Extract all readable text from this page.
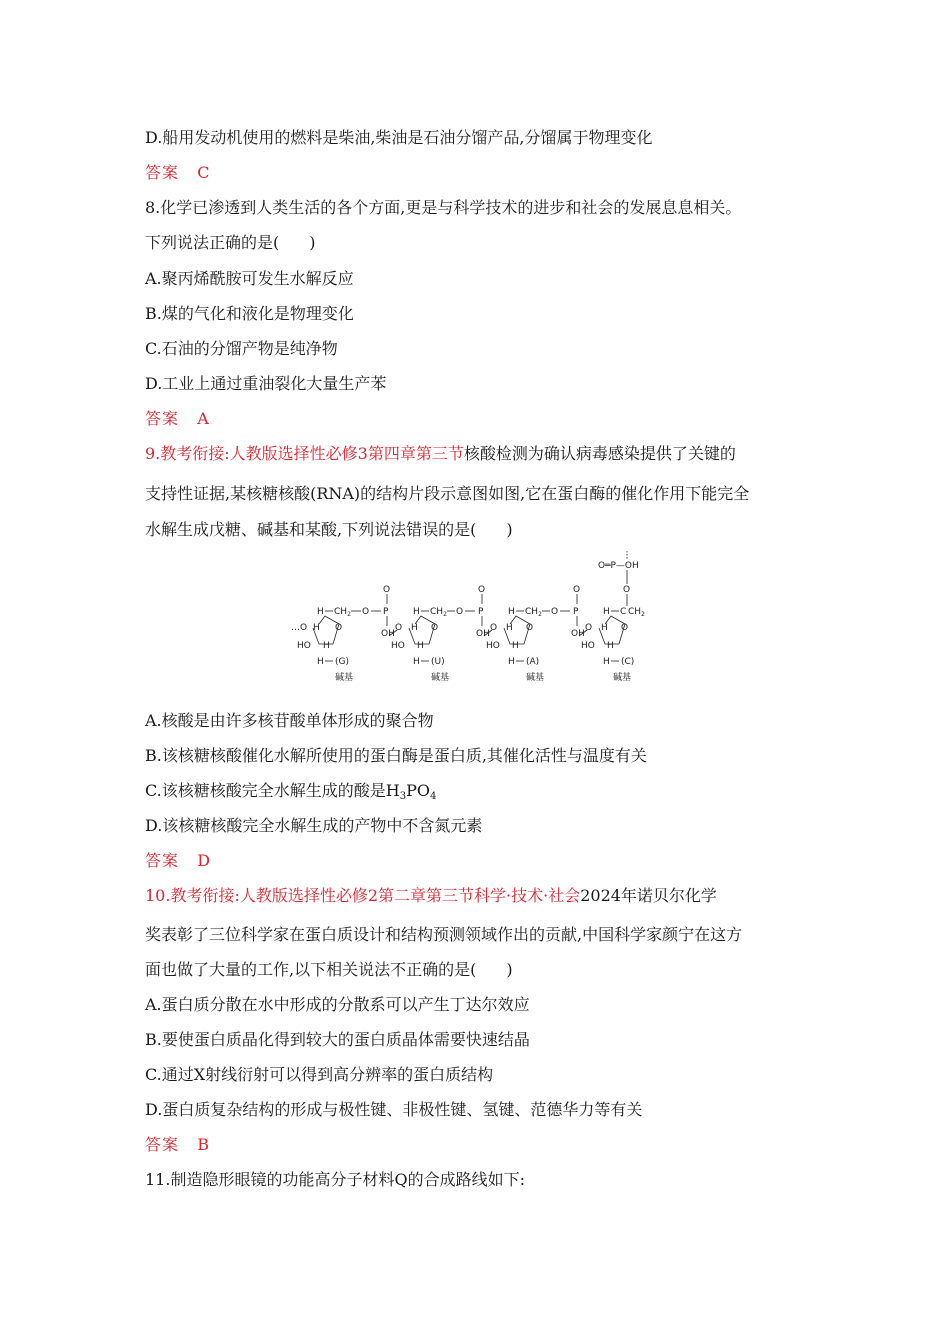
D.船用发动机使用的燃料是柴油,柴油是石油分馏产品,分馏属于物理变化
答案 C
8.化学已渗透到人类生活的各个方面,更是与科学技术的进步和社会的发展息息相关。
下列说法正确的是( )
A.聚丙烯酰胺可发生水解反应
B.煤的气化和液化是物理变化
C.石油的分馏产物是纯净物
D.工业上通过重油裂化大量生产苯
答案 A
9.教考衔接:人教版选择性必修3第四章第三节核酸检测为确认病毒感染提供了关键的
支持性证据,某核糖核酸(RNA)的结构片段示意图如图,它在蛋白酶的催化作用下能完全
水解生成戊糖、碱基和某酸,下列说法错误的是( )
O═P—OH
O
…O
H $CH_2$ O P
O
OH
O
H
HO H
H (G)
碱基
O
H $CH_2$ O P
O
OH
O
H
HO H
H (U)
碱基
O
H $CH_2$ O P
O
OH
O
H
HO H
H (A)
碱基
O
H C $CH_2$
O
H
HO H
H (C)
碱基
A.核酸是由许多核苷酸单体形成的聚合物
B.该核糖核酸催化水解所使用的蛋白酶是蛋白质,其催化活性与温度有关
C.该核糖核酸完全水解生成的酸是H3PO4
D.该核糖核酸完全水解生成的产物中不含氮元素
答案 D
10.教考衔接:人教版选择性必修2第二章第三节科学·技术·社会2024年诺贝尔化学
奖表彰了三位科学家在蛋白质设计和结构预测领域作出的贡献,中国科学家颜宁在这方
面也做了大量的工作,以下相关说法不正确的是( )
A.蛋白质分散在水中形成的分散系可以产生丁达尔效应
B.要使蛋白质晶化得到较大的蛋白质晶体需要快速结晶
C.通过X射线衍射可以得到高分辨率的蛋白质结构
D.蛋白质复杂结构的形成与极性键、非极性键、氢键、范德华力等有关
答案 B
11.制造隐形眼镜的功能高分子材料Q的合成路线如下:
